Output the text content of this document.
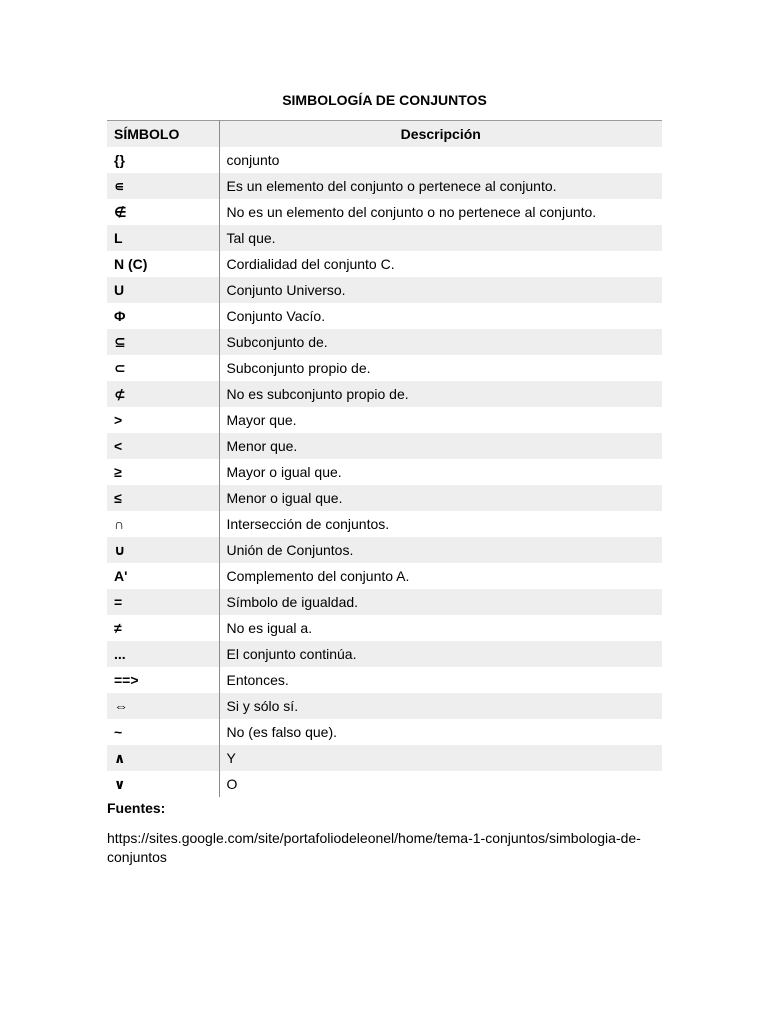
SIMBOLOGÍA DE CONJUNTOS
SÍMBOLO	Descripción
{}	conjunto
∊	Es un elemento del conjunto o pertenece al conjunto.
∉	No es un elemento del conjunto o no pertenece al conjunto.
L	Tal que.
N (C)	Cordialidad del conjunto C.
U	Conjunto Universo.
Φ	Conjunto Vacío.
⊆	Subconjunto de.
⊂	Subconjunto propio de.
⊄	No es subconjunto propio de.
>	Mayor que.
<	Menor que.
≥	Mayor o igual que.
≤	Menor o igual que.
∩	Intersección de conjuntos.
∪	Unión de Conjuntos.
A'	Complemento del conjunto A.
=	Símbolo de igualdad.
≠	No es igual a.
...	El conjunto continúa.
==>	Entonces.
⇔	Si y sólo sí.
~	No (es falso que).
∧	Y
∨	O
Fuentes:
https://sites.google.com/site/portafoliodeleonel/home/tema-1-conjuntos/simbologia-de-conjuntos
